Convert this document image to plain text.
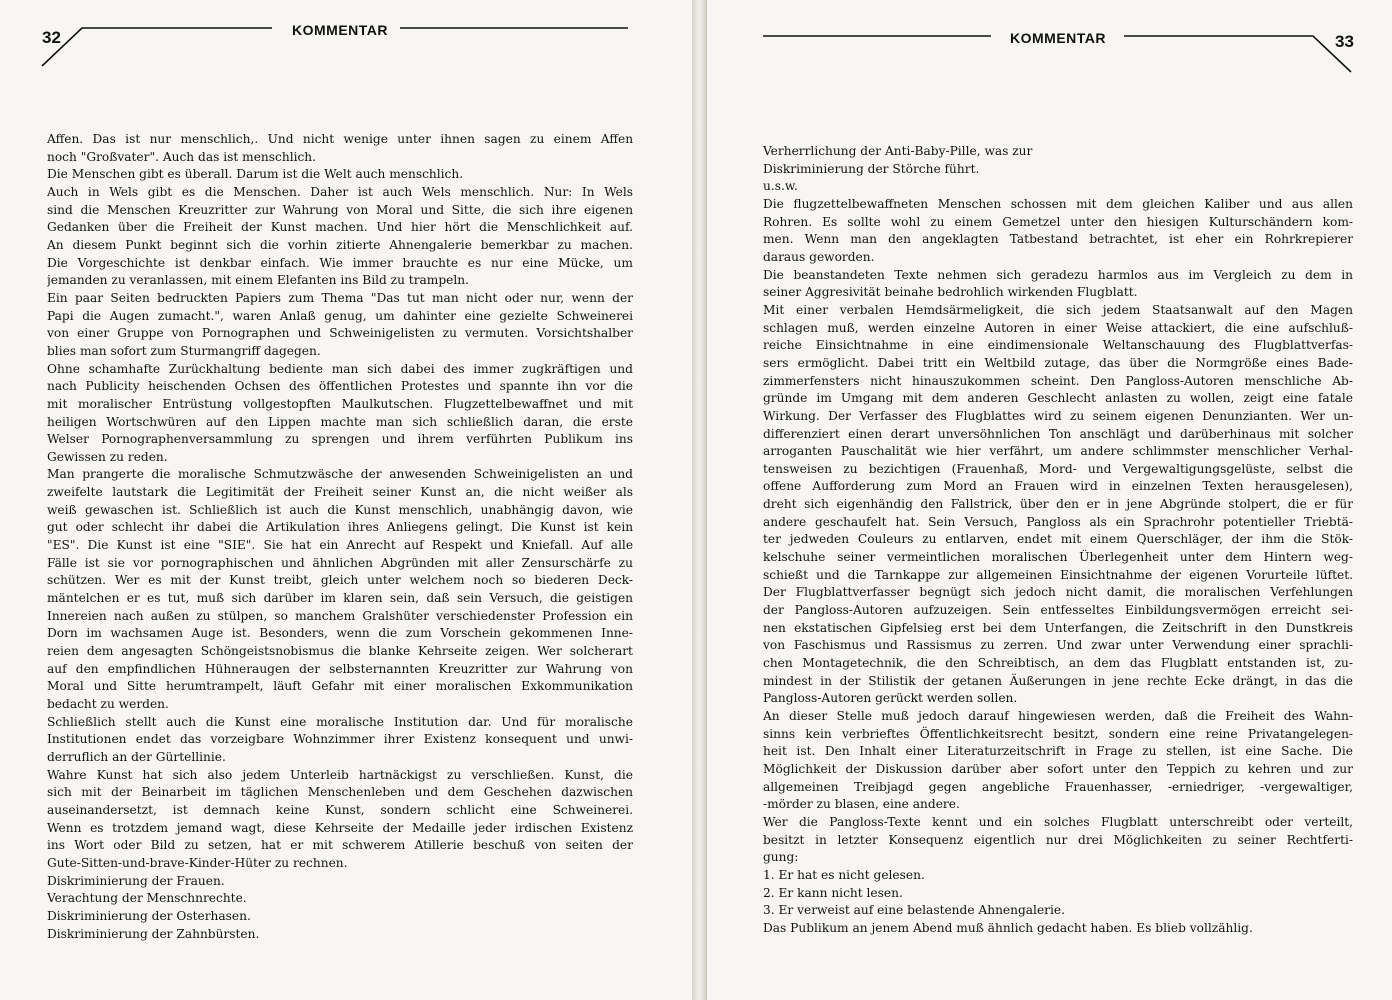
32	KOMMENTAR
Affen. Das ist nur menschlich,. Und nicht wenige unter ihnen sagen zu einem Affen
noch "Großvater". Auch das ist menschlich.
Die Menschen gibt es überall. Darum ist die Welt auch menschlich.
Auch in Wels gibt es die Menschen. Daher ist auch Wels menschlich. Nur: In Wels
sind die Menschen Kreuzritter zur Wahrung von Moral und Sitte, die sich ihre eigenen
Gedanken über die Freiheit der Kunst machen. Und hier hört die Menschlichkeit auf.
An diesem Punkt beginnt sich die vorhin zitierte Ahnengalerie bemerkbar zu machen.
Die Vorgeschichte ist denkbar einfach. Wie immer brauchte es nur eine Mücke, um
jemanden zu veranlassen, mit einem Elefanten ins Bild zu trampeln.
Ein paar Seiten bedruckten Papiers zum Thema "Das tut man nicht oder nur, wenn der
Papi die Augen zumacht.", waren Anlaß genug, um dahinter eine gezielte Schweinerei
von einer Gruppe von Pornographen und Schweinigelisten zu vermuten. Vorsichtshalber
blies man sofort zum Sturmangriff dagegen.
Ohne schamhafte Zurückhaltung bediente man sich dabei des immer zugkräftigen und
nach Publicity heischenden Ochsen des öffentlichen Protestes und spannte ihn vor die
mit moralischer Entrüstung vollgestopften Maulkutschen. Flugzettelbewaffnet und mit
heiligen Wortschwüren auf den Lippen machte man sich schließlich daran, die erste
Welser Pornographenversammlung zu sprengen und ihrem verführten Publikum ins
Gewissen zu reden.
Man prangerte die moralische Schmutzwäsche der anwesenden Schweinigelisten an und
zweifelte lautstark die Legitimität der Freiheit seiner Kunst an, die nicht weißer als
weiß gewaschen ist. Schließlich ist auch die Kunst menschlich, unabhängig davon, wie
gut oder schlecht ihr dabei die Artikulation ihres Anliegens gelingt. Die Kunst ist kein
"ES". Die Kunst ist eine "SIE". Sie hat ein Anrecht auf Respekt und Kniefall. Auf alle
Fälle ist sie vor pornographischen und ähnlichen Abgründen mit aller Zensurschärfe zu
schützen. Wer es mit der Kunst treibt, gleich unter welchem noch so biederen Deck-
mäntelchen er es tut, muß sich darüber im klaren sein, daß sein Versuch, die geistigen
Innereien nach außen zu stülpen, so manchem Gralshüter verschiedenster Profession ein
Dorn im wachsamen Auge ist. Besonders, wenn die zum Vorschein gekommenen Inne-
reien dem angesagten Schöngeistsnobismus die blanke Kehrseite zeigen. Wer solcherart
auf den empfindlichen Hühneraugen der selbsternannten Kreuzritter zur Wahrung von
Moral und Sitte herumtrampelt, läuft Gefahr mit einer moralischen Exkommunikation
bedacht zu werden.
Schließlich stellt auch die Kunst eine moralische Institution dar. Und für moralische
Institutionen endet das vorzeigbare Wohnzimmer ihrer Existenz konsequent und unwi-
derruflich an der Gürtellinie.
Wahre Kunst hat sich also jedem Unterleib hartnäckigst zu verschließen. Kunst, die
sich mit der Beinarbeit im täglichen Menschenleben und dem Geschehen dazwischen
auseinandersetzt, ist demnach keine Kunst, sondern schlicht eine Schweinerei.
Wenn es trotzdem jemand wagt, diese Kehrseite der Medaille jeder irdischen Existenz
ins Wort oder Bild zu setzen, hat er mit schwerem Atillerie beschuß von seiten der
Gute-Sitten-und-brave-Kinder-Hüter zu rechnen.
Diskriminierung der Frauen.
Verachtung der Menschnrechte.
Diskriminierung der Osterhasen.
Diskriminierung der Zahnbürsten.
KOMMENTAR	33
Verherrlichung der Anti-Baby-Pille, was zur
Diskriminierung der Störche führt.
u.s.w.
Die flugzettelbewaffneten Menschen schossen mit dem gleichen Kaliber und aus allen
Rohren. Es sollte wohl zu einem Gemetzel unter den hiesigen Kulturschändern kom-
men. Wenn man den angeklagten Tatbestand betrachtet, ist eher ein Rohrkrepierer
daraus geworden.
Die beanstandeten Texte nehmen sich geradezu harmlos aus im Vergleich zu dem in
seiner Aggresivität beinahe bedrohlich wirkenden Flugblatt.
Mit einer verbalen Hemdsärmeligkeit, die sich jedem Staatsanwalt auf den Magen
schlagen muß, werden einzelne Autoren in einer Weise attackiert, die eine aufschluß-
reiche Einsichtnahme in eine eindimensionale Weltanschauung des Flugblattverfas-
sers ermöglicht. Dabei tritt ein Weltbild zutage, das über die Normgröße eines Bade-
zimmerfensters nicht hinauszukommen scheint. Den Pangloss-Autoren menschliche Ab-
gründe im Umgang mit dem anderen Geschlecht anlasten zu wollen, zeigt eine fatale
Wirkung. Der Verfasser des Flugblattes wird zu seinem eigenen Denunzianten. Wer un-
differenziert einen derart unversöhnlichen Ton anschlägt und darüberhinaus mit solcher
arroganten Pauschalität wie hier verfährt, um andere schlimmster menschlicher Verhal-
tensweisen zu bezichtigen (Frauenhaß, Mord- und Vergewaltigungsgelüste, selbst die
offene Aufforderung zum Mord an Frauen wird in einzelnen Texten herausgelesen),
dreht sich eigenhändig den Fallstrick, über den er in jene Abgründe stolpert, die er für
andere geschaufelt hat. Sein Versuch, Pangloss als ein Sprachrohr potentieller Triebtä-
ter jedweden Couleurs zu entlarven, endet mit einem Querschläger, der ihm die Stök-
kelschuhe seiner vermeintlichen moralischen Überlegenheit unter dem Hintern weg-
schießt und die Tarnkappe zur allgemeinen Einsichtnahme der eigenen Vorurteile lüftet.
Der Flugblattverfasser begnügt sich jedoch nicht damit, die moralischen Verfehlungen
der Pangloss-Autoren aufzuzeigen. Sein entfesseltes Einbildungsvermögen erreicht sei-
nen ekstatischen Gipfelsieg erst bei dem Unterfangen, die Zeitschrift in den Dunstkreis
von Faschismus und Rassismus zu zerren. Und zwar unter Verwendung einer sprachli-
chen Montagetechnik, die den Schreibtisch, an dem das Flugblatt entstanden ist, zu-
mindest in der Stilistik der getanen Äußerungen in jene rechte Ecke drängt, in das die
Pangloss-Autoren gerückt werden sollen.
An dieser Stelle muß jedoch darauf hingewiesen werden, daß die Freiheit des Wahn-
sinns kein verbrieftes Öffentlichkeitsrecht besitzt, sondern eine reine Privatangelegen-
heit ist. Den Inhalt einer Literaturzeitschrift in Frage zu stellen, ist eine Sache. Die
Möglichkeit der Diskussion darüber aber sofort unter den Teppich zu kehren und zur
allgemeinen Treibjagd gegen angebliche Frauenhasser, -erniedriger, -vergewaltiger,
-mörder zu blasen, eine andere.
Wer die Pangloss-Texte kennt und ein solches Flugblatt unterschreibt oder verteilt,
besitzt in letzter Konsequenz eigentlich nur drei Möglichkeiten zu seiner Rechtferti-
gung:
1. Er hat es nicht gelesen.
2. Er kann nicht lesen.
3. Er verweist auf eine belastende Ahnengalerie.
Das Publikum an jenem Abend muß ähnlich gedacht haben. Es blieb vollzählig.
